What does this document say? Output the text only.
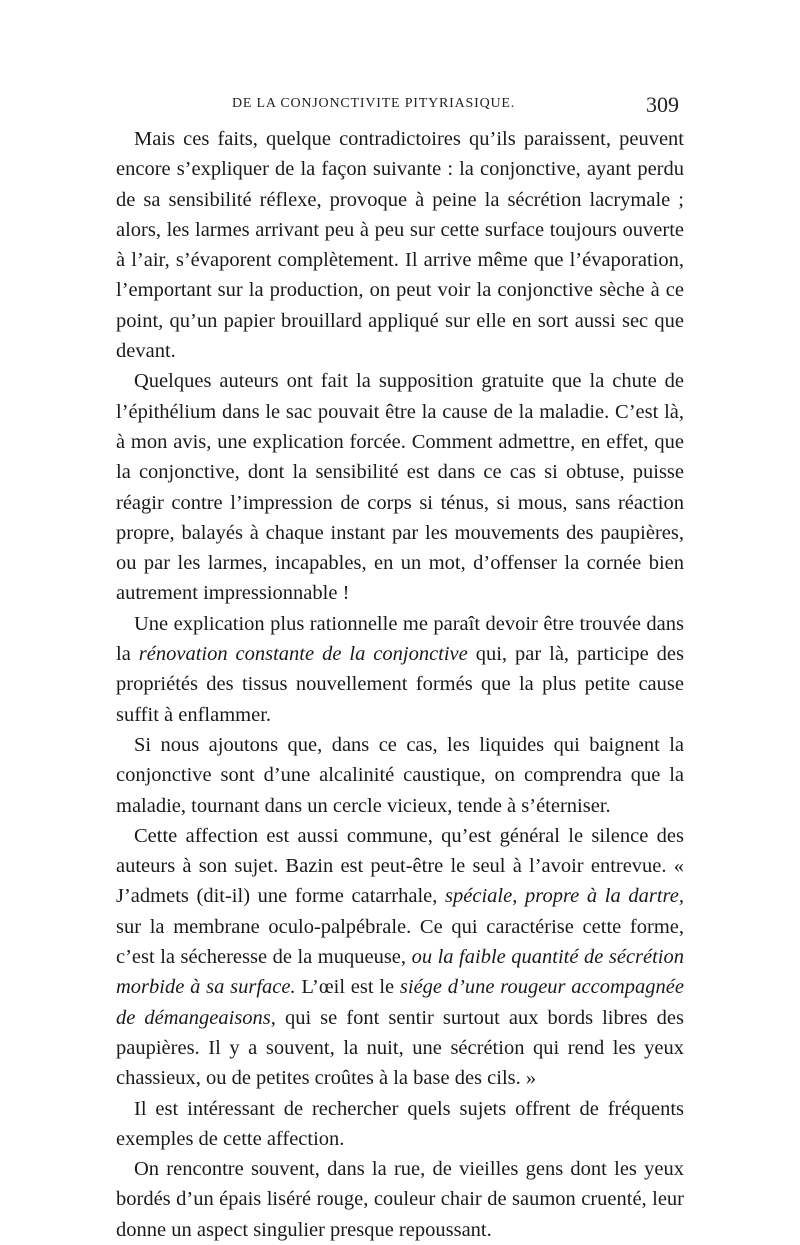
DE LA CONJONCTIVITE PITYRIASIQUE.	309

Mais ces faits, quelque contradictoires qu’ils paraissent, peuvent encore s’expliquer de la façon suivante : la conjonctive, ayant perdu de sa sensibilité réflexe, provoque à peine la sécrétion lacrymale ; alors, les larmes arrivant peu à peu sur cette surface toujours ouverte à l’air, s’évaporent complètement. Il arrive même que l’évaporation, l’emportant sur la production, on peut voir la conjonctive sèche à ce point, qu’un papier brouillard appliqué sur elle en sort aussi sec que devant.

Quelques auteurs ont fait la supposition gratuite que la chute de l’épithélium dans le sac pouvait être la cause de la maladie. C’est là, à mon avis, une explication forcée. Comment admettre, en effet, que la conjonctive, dont la sensibilité est dans ce cas si obtuse, puisse réagir contre l’impression de corps si ténus, si mous, sans réaction propre, balayés à chaque instant par les mouvements des paupières, ou par les larmes, incapables, en un mot, d’offenser la cornée bien autrement impressionnable !

Une explication plus rationnelle me paraît devoir être trouvée dans la rénovation constante de la conjonctive qui, par là, participe des propriétés des tissus nouvellement formés que la plus petite cause suffit à enflammer.

Si nous ajoutons que, dans ce cas, les liquides qui baignent la conjonctive sont d’une alcalinité caustique, on comprendra que la maladie, tournant dans un cercle vicieux, tende à s’éterniser.

Cette affection est aussi commune, qu’est général le silence des auteurs à son sujet. Bazin est peut-être le seul à l’avoir entrevue. « J’admets (dit-il) une forme catarrhale, spéciale, propre à la dartre, sur la membrane oculo-palpébrale. Ce qui caractérise cette forme, c’est la sécheresse de la muqueuse, ou la faible quantité de sécrétion morbide à sa surface. L’œil est le siége d’une rougeur accompagnée de démangeaisons, qui se font sentir surtout aux bords libres des paupières. Il y a souvent, la nuit, une sécrétion qui rend les yeux chassieux, ou de petites croûtes à la base des cils. »

Il est intéressant de rechercher quels sujets offrent de fréquents exemples de cette affection.

On rencontre souvent, dans la rue, de vieilles gens dont les yeux bordés d’un épais liséré rouge, couleur chair de saumon cruenté, leur donne un aspect singulier presque repoussant.
